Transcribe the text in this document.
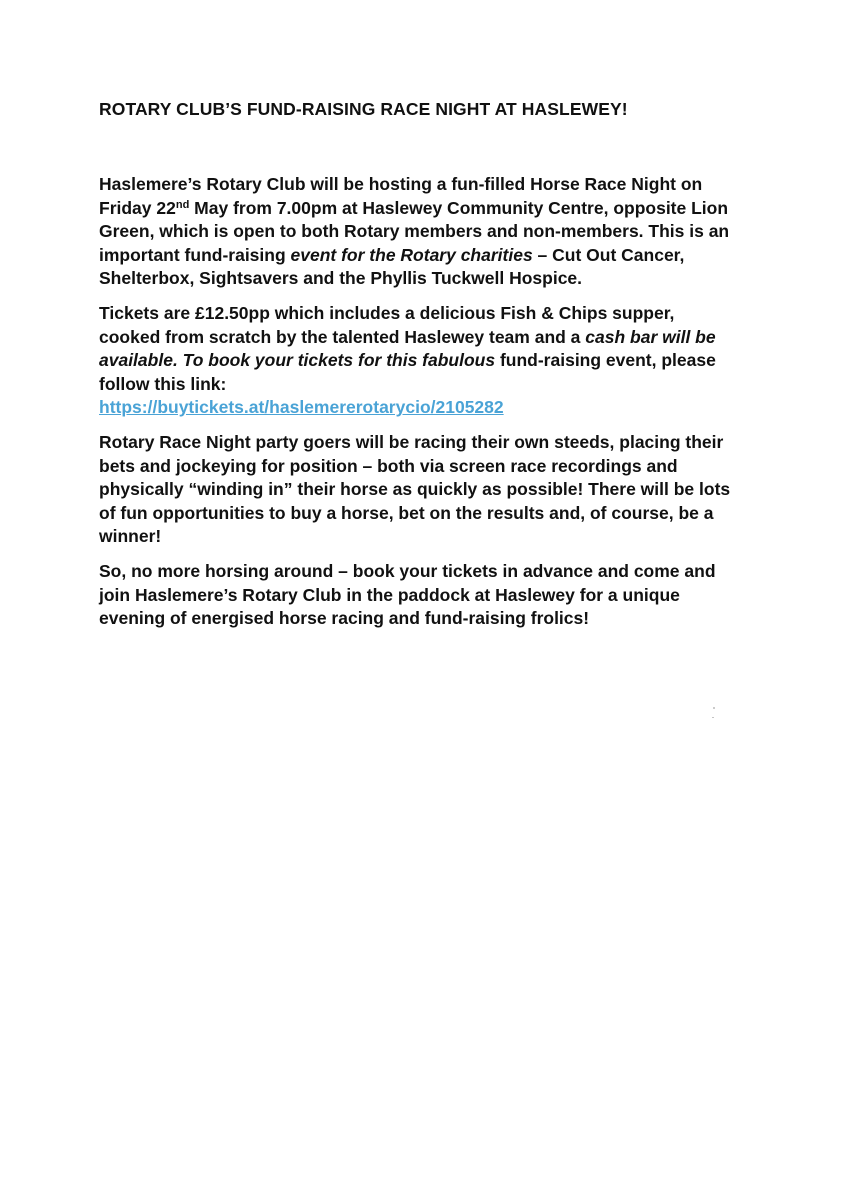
ROTARY CLUB’S FUND-RAISING RACE NIGHT AT HASLEWEY!

Haslemere’s Rotary Club will be hosting a fun-filled Horse Race Night on Friday 22nd May from 7.00pm at Haslewey Community Centre, opposite Lion Green, which is open to both Rotary members and non-members. This is an important fund-raising event for the Rotary charities – Cut Out Cancer, Shelterbox, Sightsavers and the Phyllis Tuckwell Hospice.

Tickets are £12.50pp which includes a delicious Fish & Chips supper, cooked from scratch by the talented Haslewey team and a cash bar will be available. To book your tickets for this fabulous fund-raising event, please follow this link:
https://buytickets.at/haslemererotarycio/2105282

Rotary Race Night party goers will be racing their own steeds, placing their bets and jockeying for position – both via screen race recordings and physically “winding in” their horse as quickly as possible! There will be lots of fun opportunities to buy a horse, bet on the results and, of course, be a winner!

So, no more horsing around – book your tickets in advance and come and join Haslemere’s Rotary Club in the paddock at Haslewey for a unique evening of energised horse racing and fund-raising frolics!
